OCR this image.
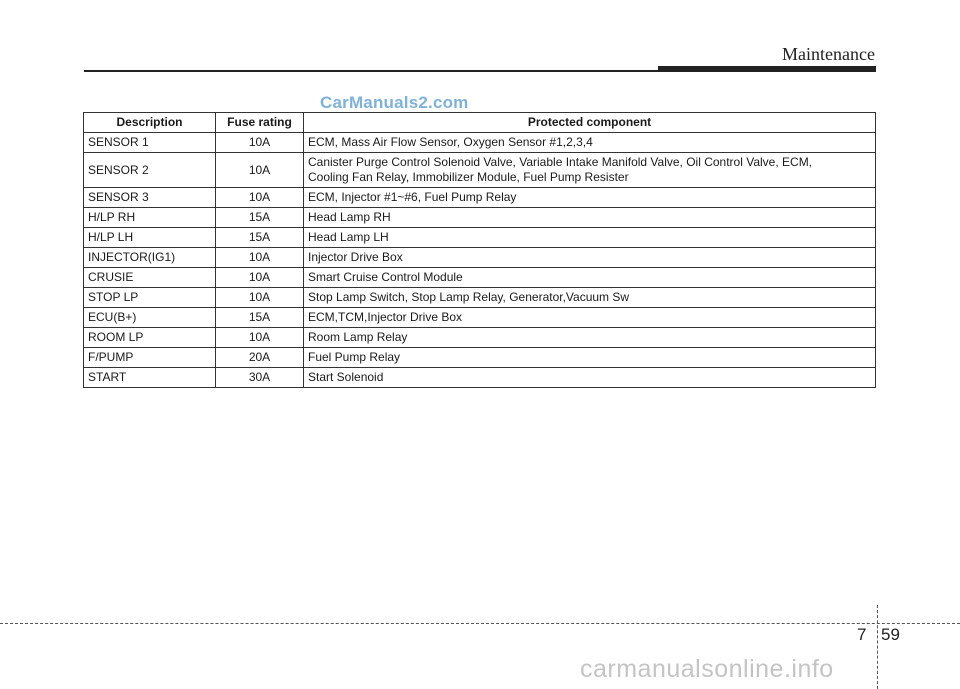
Maintenance
CarManuals2.com
Description	Fuse rating	Protected component
SENSOR 1	10A	ECM, Mass Air Flow Sensor, Oxygen Sensor #1,2,3,4
SENSOR 2	10A	Canister Purge Control Solenoid Valve, Variable Intake Manifold Valve, Oil Control Valve, ECM,
Cooling Fan Relay, Immobilizer Module, Fuel Pump Resister
SENSOR 3	10A	ECM, Injector #1~#6, Fuel Pump Relay
H/LP RH	15A	Head Lamp RH
H/LP LH	15A	Head Lamp LH
INJECTOR(IG1)	10A	Injector Drive Box
CRUSIE	10A	Smart Cruise Control Module
STOP LP	10A	Stop Lamp Switch, Stop Lamp Relay, Generator,Vacuum Sw
ECU(B+)	15A	ECM,TCM,Injector Drive Box
ROOM LP	10A	Room Lamp Relay
F/PUMP	20A	Fuel Pump Relay
START	30A	Start Solenoid
7 59
carmanualsonline.info
